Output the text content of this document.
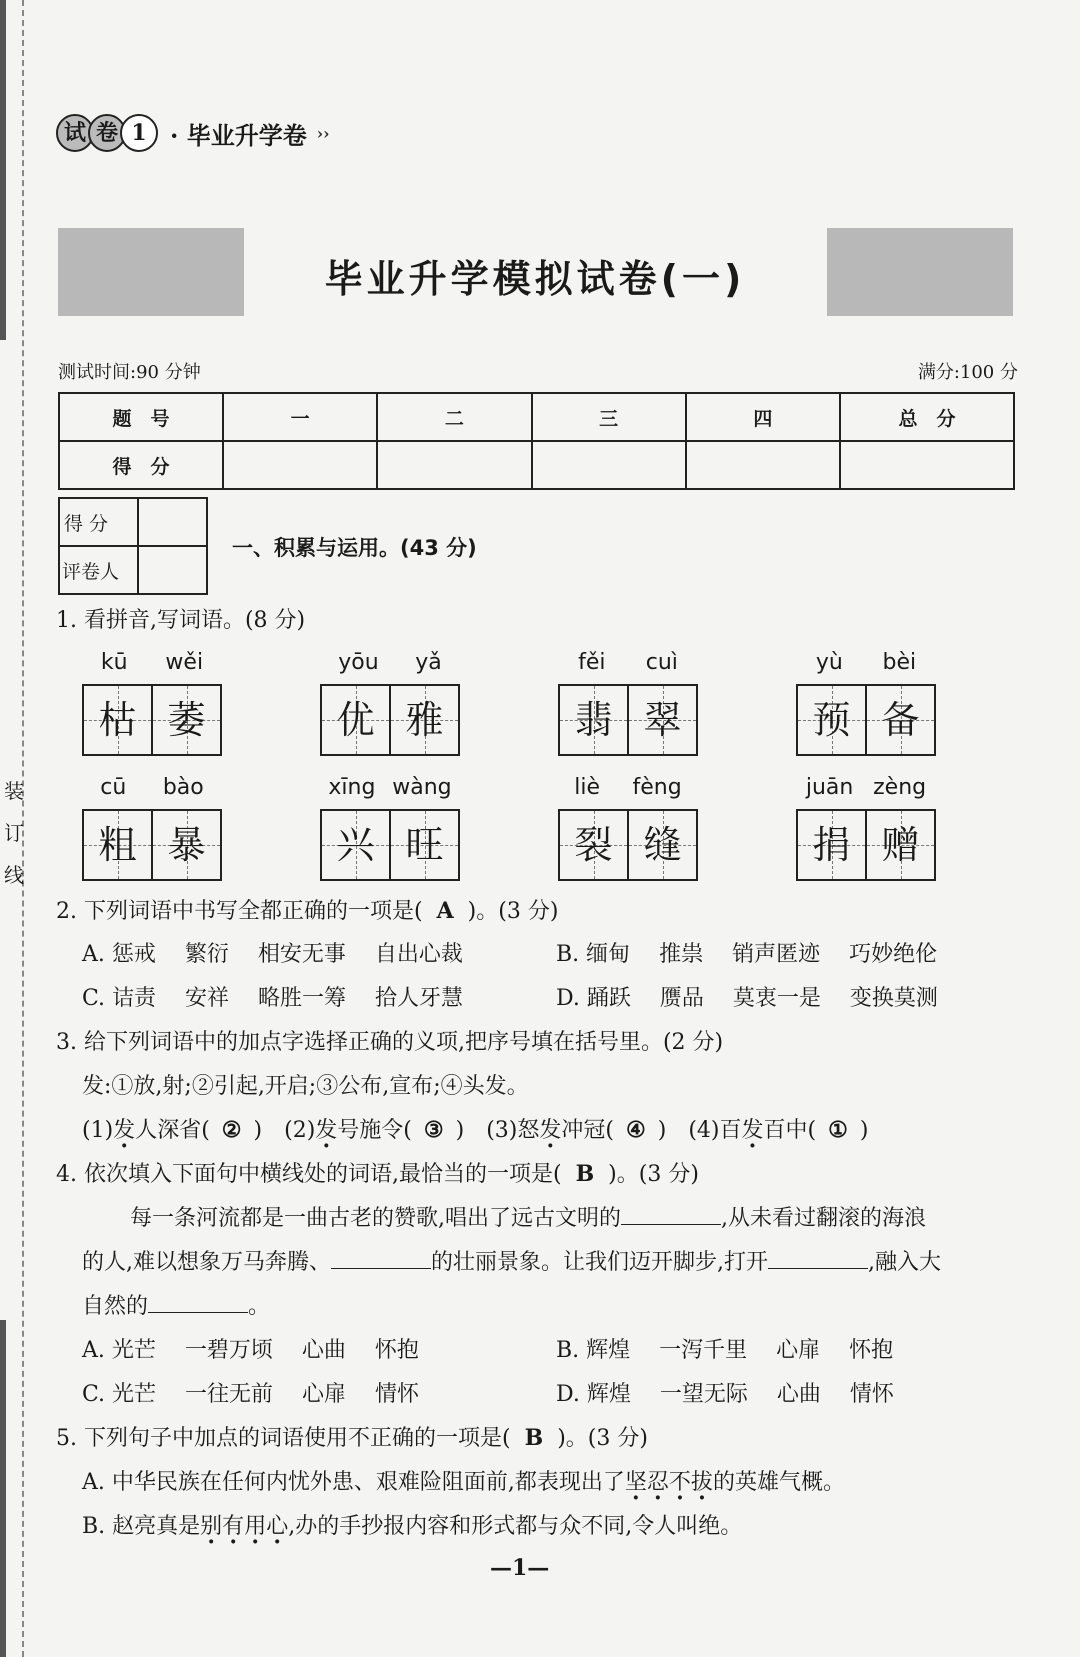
装
订
线
试 卷 1 · 毕业升学卷 ››
毕业升学模拟试卷(一)
测试时间:90 分钟	满分:100 分
题　号	一	二	三	四	总　分
得　分					
得 分	
评卷人	
一、积累与运用。(43 分)
1. 看拼音,写词语。(8 分)
kū wěi
枯 萎
yōu yǎ
优 雅
fěi cuì
翡 翠
yù bèi
预 备
cū bào
粗 暴
xīng wàng
兴 旺
liè fèng
裂 缝
juān zèng
捐 赠
2. 下列词语中书写全都正确的一项是( A )。(3 分)
A. 惩戒　 繁衍　 相安无事　 自出心裁	B. 缅甸　 推祟　 销声匿迹　 巧妙绝伦
C. 诘责　 安祥　 略胜一筹　 拾人牙慧	D. 踊跃　 赝品　 莫衷一是　 变换莫测
3. 给下列词语中的加点字选择正确的义项,把序号填在括号里。(2 分)
发:①放,射;②引起,开启;③公布,宣布;④头发。
(1)发人深省( ② ) (2)发号施令( ③ ) (3)怒发冲冠( ④ ) (4)百发百中( ① )
4. 依次填入下面句中横线处的词语,最恰当的一项是( B )。(3 分)
每一条河流都是一曲古老的赞歌,唱出了远古文明的	,从未看过翻滚的海浪
的人,难以想象万马奔腾、	的壮丽景象。让我们迈开脚步,打开	,融入大
自然的	。
A. 光芒　 一碧万顷　 心曲　 怀抱	B. 辉煌　 一泻千里　 心扉　 怀抱
C. 光芒　 一往无前　 心扉　 情怀	D. 辉煌　 一望无际　 心曲　 情怀
5. 下列句子中加点的词语使用不正确的一项是( B )。(3 分)
A. 中华民族在任何内忧外患、艰难险阻面前,都表现出了坚忍不拔的英雄气概。
B. 赵亮真是别有用心,办的手抄报内容和形式都与众不同,令人叫绝。
—1—
